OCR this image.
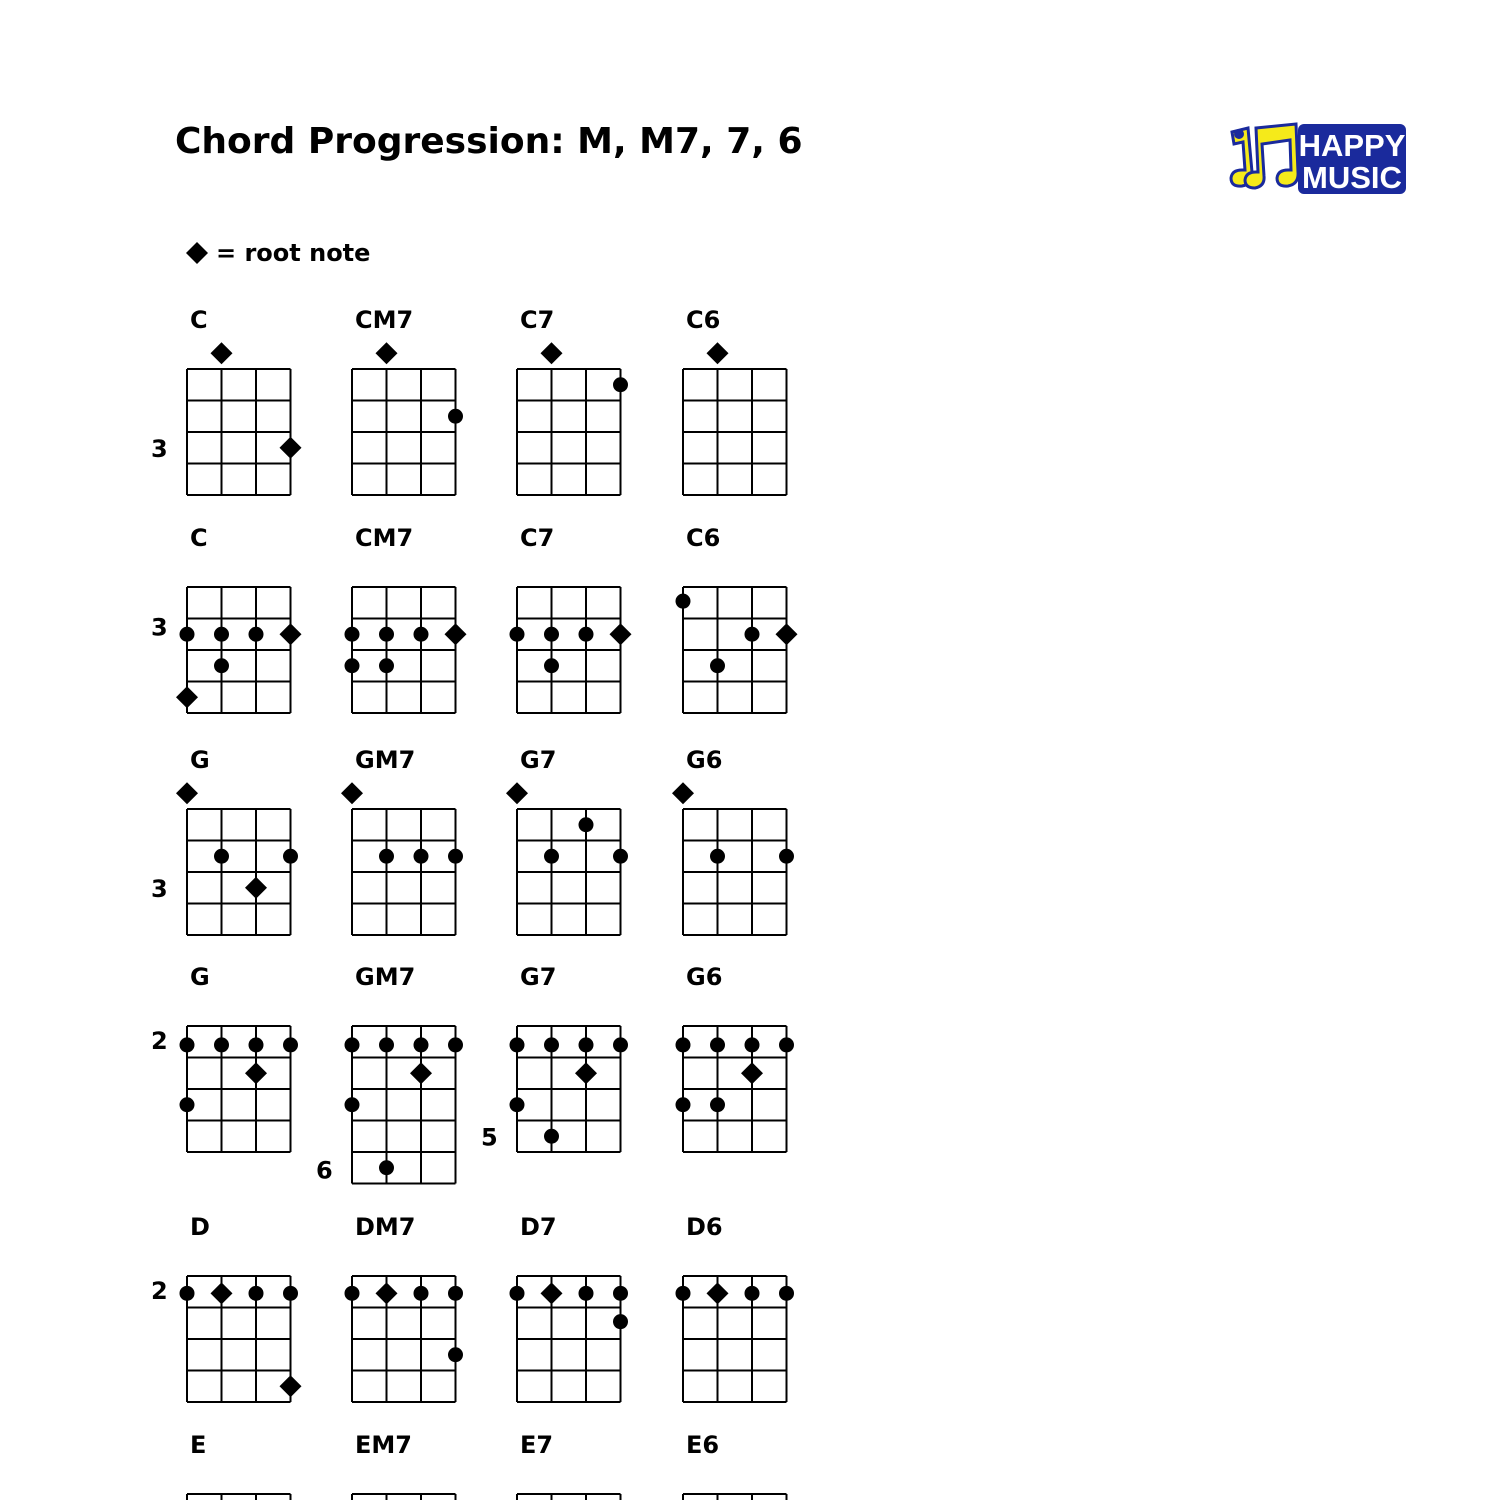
Chord Progression: M, M7, 7, 6
= root note
HAPPY
MUSIC
C
3
CM7	C7	C6
C
3
CM7	C7	C6
G
3
GM7	G7	G6
G
2
GM7
6
G7
5
G6
D
2
DM7	D7	D6
E	EM7	E7	E6
